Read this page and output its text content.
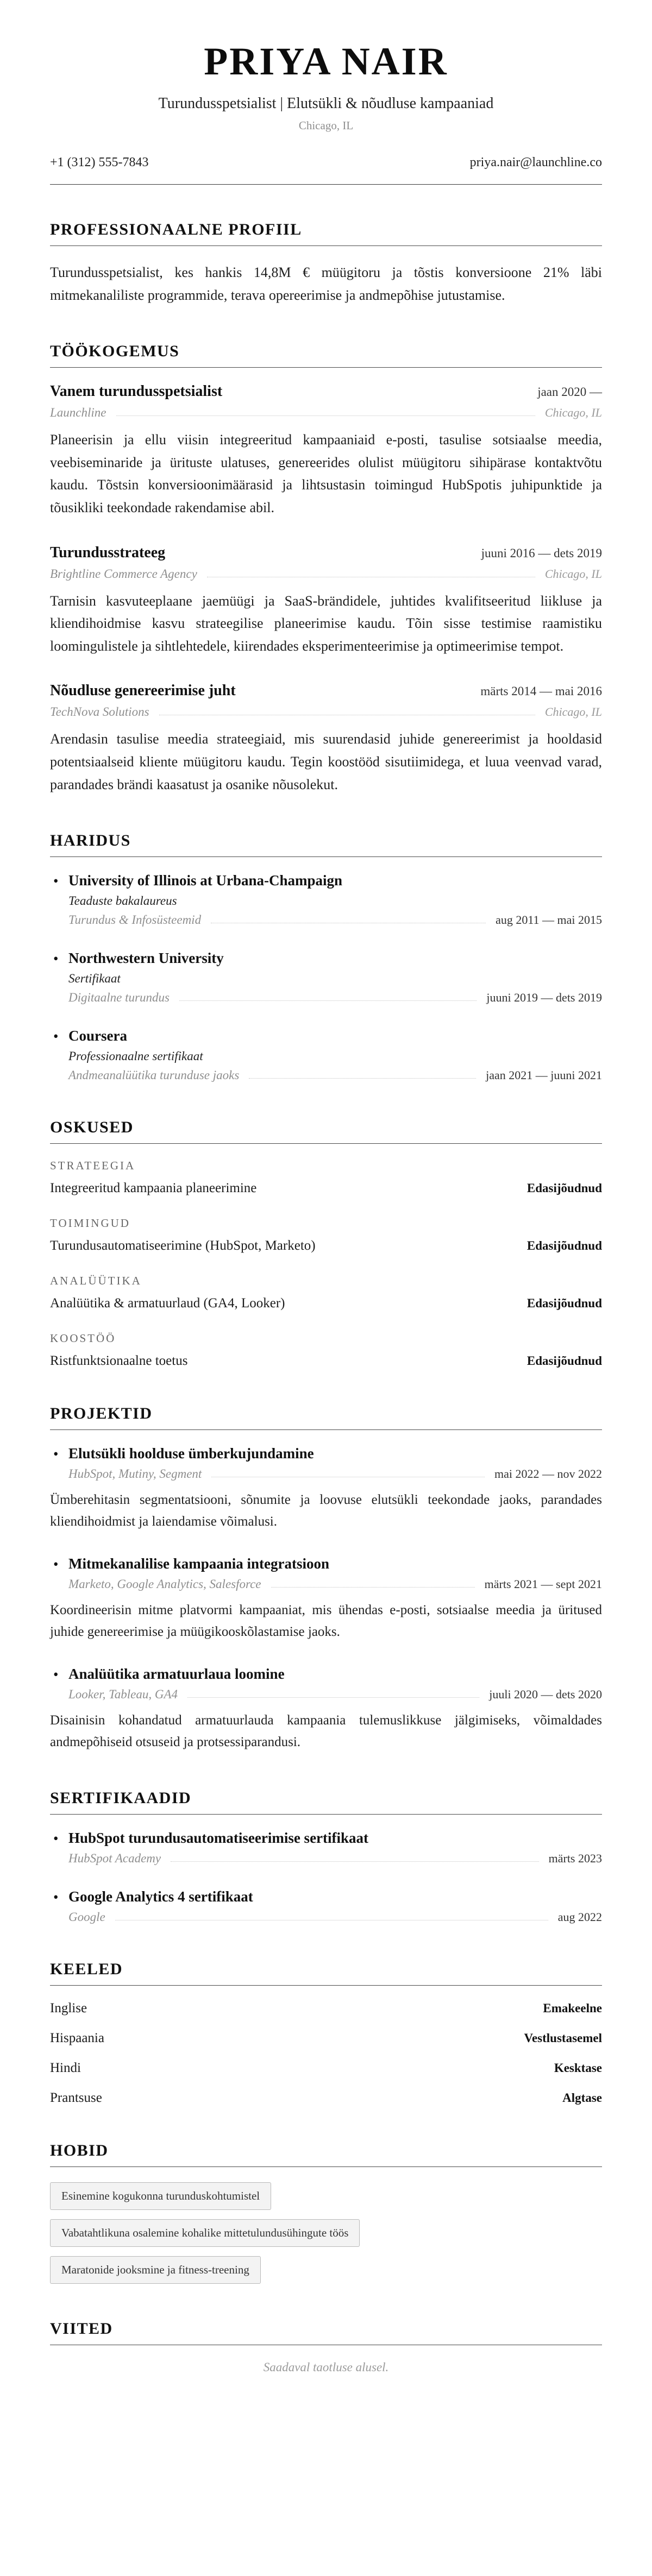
PRIYA NAIR
Turundusspetsialist | Elutsükli & nõudluse kampaaniad
Chicago, IL
+1 (312) 555-7843	priya.nair@launchline.co
PROFESSIONAALNE PROFIIL

Turundusspetsialist, kes hankis 14,8M € müügitoru ja tõstis konversioone 21% läbi mitmekanaliliste programmide, terava opereerimise ja andmepõhise jutustamise.

TÖÖKOGEMUS
Vanem turundusspetsialist	jaan 2020 —
Launchline	Chicago, IL

Planeerisin ja ellu viisin integreeritud kampaaniaid e-posti, tasulise sotsiaalse meedia, veebiseminaride ja ürituste ulatuses, genereerides olulist müügitoru sihipärase kontaktvõtu kaudu. Tõstsin konversioonimäärasid ja lihtsustasin toimingud HubSpotis juhipunktide ja tõusikliki teekondade rakendamise abil.

Turundusstrateeg	juuni 2016 — dets 2019
Brightline Commerce Agency	Chicago, IL

Tarnisin kasvuteeplaane jaemüügi ja SaaS-brändidele, juhtides kvalifitseeritud liikluse ja kliendihoidmise kasvu strateegilise planeerimise kaudu. Tõin sisse testimise raamistiku loomingulistele ja sihtlehtedele, kiirendades eksperimenteerimise ja optimeerimise tempot.

Nõudluse genereerimise juht	märts 2014 — mai 2016
TechNova Solutions	Chicago, IL

Arendasin tasulise meedia strateegiaid, mis suurendasid juhide genereerimist ja hooldasid potentsiaalseid kliente müügitoru kaudu. Tegin koostööd sisutiimidega, et luua veenvad varad, parandades brändi kaasatust ja osanike nõusolekut.

HARIDUS
• University of Illinois at Urbana-Champaign
Teaduste bakalaureus
Turundus & Infosüsteemid	aug 2011 — mai 2015
• Northwestern University
Sertifikaat
Digitaalne turundus	juuni 2019 — dets 2019
• Coursera
Professionaalne sertifikaat
Andmeanalüütika turunduse jaoks	jaan 2021 — juuni 2021
OSKUSED
STRATEEGIA
Integreeritud kampaania planeerimine	Edasijõudnud
TOIMINGUD
Turundusautomatiseerimine (HubSpot, Marketo)	Edasijõudnud
ANALÜÜTIKA
Analüütika & armatuurlaud (GA4, Looker)	Edasijõudnud
KOOSTÖÖ
Ristfunktsionaalne toetus	Edasijõudnud
PROJEKTID
• Elutsükli hoolduse ümberkujundamine
HubSpot, Mutiny, Segment	mai 2022 — nov 2022

Ümberehitasin segmentatsiooni, sõnumite ja loovuse elutsükli teekondade jaoks, parandades kliendihoidmist ja laiendamise võimalusi.

• Mitmekanalilise kampaania integratsioon
Marketo, Google Analytics, Salesforce	märts 2021 — sept 2021

Koordineerisin mitme platvormi kampaaniat, mis ühendas e-posti, sotsiaalse meedia ja üritused juhide genereerimise ja müügikooskõlastamise jaoks.

• Analüütika armatuurlaua loomine
Looker, Tableau, GA4	juuli 2020 — dets 2020

Disainisin kohandatud armatuurlauda kampaania tulemuslikkuse jälgimiseks, võimaldades andmepõhiseid otsuseid ja protsessiparandusi.

SERTIFIKAADID
• HubSpot turundusautomatiseerimise sertifikaat
HubSpot Academy	märts 2023
• Google Analytics 4 sertifikaat
Google	aug 2022
KEELED
Inglise	Emakeelne
Hispaania	Vestlustasemel
Hindi	Kesktase
Prantsuse	Algtase
HOBID
Esinemine kogukonna turunduskohtumistel
Vabatahtlikuna osalemine kohalike mittetulundusühingute töös
Maratonide jooksmine ja fitness-treening
VIITED

Saadaval taotluse alusel.
